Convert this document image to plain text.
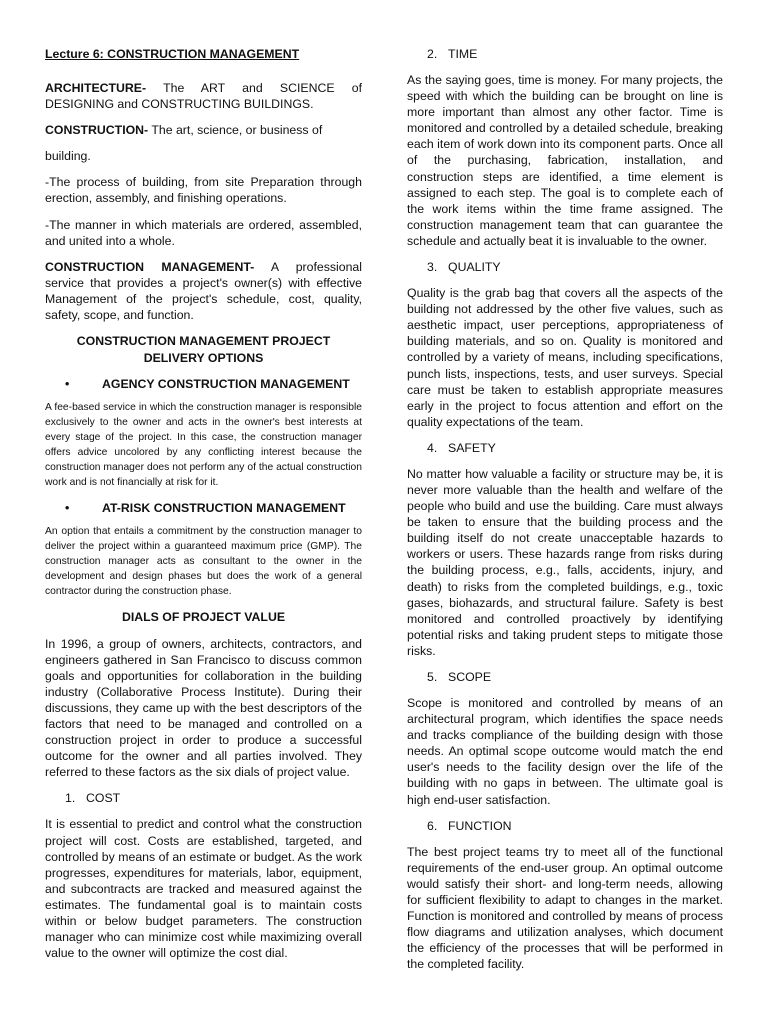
Lecture 6: CONSTRUCTION MANAGEMENT

ARCHITECTURE- The ART and SCIENCE of DESIGNING and CONSTRUCTING BUILDINGS.

CONSTRUCTION- The art, science, or business of

building.

-The process of building, from site Preparation through erection, assembly, and finishing operations.

-The manner in which materials are ordered, assembled, and united into a whole.

CONSTRUCTION MANAGEMENT- A professional service that provides a project's owner(s) with effective Management of the project's schedule, cost, quality, safety, scope, and function.

CONSTRUCTION MANAGEMENT PROJECT
DELIVERY OPTIONS
•	AGENCY CONSTRUCTION MANAGEMENT

A fee-based service in which the construction manager is responsible exclusively to the owner and acts in the owner's best interests at every stage of the project. In this case, the construction manager offers advice uncolored by any conflicting interest because the construction manager does not perform any of the actual construction work and is not financially at risk for it.

•	AT-RISK CONSTRUCTION MANAGEMENT

An option that entails a commitment by the construction manager to deliver the project within a guaranteed maximum price (GMP). The construction manager acts as consultant to the owner in the development and design phases but does the work of a general contractor during the construction phase.

DIALS OF PROJECT VALUE

In 1996, a group of owners, architects, contractors, and engineers gathered in San Francisco to discuss common goals and opportunities for collaboration in the building industry (Collaborative Process Institute). During their discussions, they came up with the best descriptors of the factors that need to be managed and controlled on a construction project in order to produce a successful outcome for the owner and all parties involved. They referred to these factors as the six dials of project value.

1. COST

It is essential to predict and control what the construction project will cost. Costs are established, targeted, and controlled by means of an estimate or budget. As the work progresses, expenditures for materials, labor, equipment, and subcontracts are tracked and measured against the estimates. The fundamental goal is to maintain costs within or below budget parameters. The construction manager who can minimize cost while maximizing overall value to the owner will optimize the cost dial.

2. TIME

As the saying goes, time is money. For many projects, the speed with which the building can be brought on line is more important than almost any other factor. Time is monitored and controlled by a detailed schedule, breaking each item of work down into its component parts. Once all of the purchasing, fabrication, installation, and construction steps are identified, a time element is assigned to each step. The goal is to complete each of the work items within the time frame assigned. The construction management team that can guarantee the schedule and actually beat it is invaluable to the owner.

3. QUALITY

Quality is the grab bag that covers all the aspects of the building not addressed by the other five values, such as aesthetic impact, user perceptions, appropriateness of building materials, and so on. Quality is monitored and controlled by a variety of means, including specifications, punch lists, inspections, tests, and user surveys. Special care must be taken to establish appropriate measures early in the project to focus attention and effort on the quality expectations of the team.

4. SAFETY

No matter how valuable a facility or structure may be, it is never more valuable than the health and welfare of the people who build and use the building. Care must always be taken to ensure that the building process and the building itself do not create unacceptable hazards to workers or users. These hazards range from risks during the building process, e.g., falls, accidents, injury, and death) to risks from the completed buildings, e.g., toxic gases, biohazards, and structural failure. Safety is best monitored and controlled proactively by identifying potential risks and taking prudent steps to mitigate those risks.

5. SCOPE

Scope is monitored and controlled by means of an architectural program, which identifies the space needs and tracks compliance of the building design with those needs. An optimal scope outcome would match the end user's needs to the facility design over the life of the building with no gaps in between. The ultimate goal is high end-user satisfaction.

6. FUNCTION

The best project teams try to meet all of the functional requirements of the end-user group. An optimal outcome would satisfy their short- and long-term needs, allowing for sufficient flexibility to adapt to changes in the market. Function is monitored and controlled by means of process flow diagrams and utilization analyses, which document the efficiency of the processes that will be performed in the completed facility.
